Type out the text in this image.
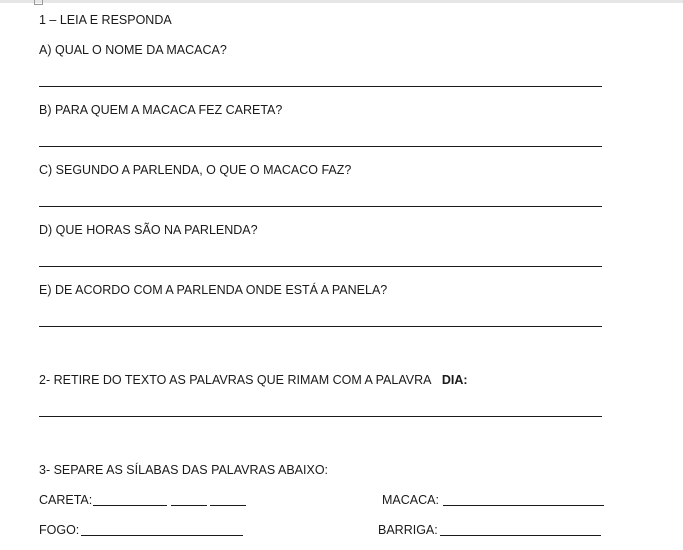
1 – LEIA E RESPONDA
A) QUAL O NOME DA MACACA?
B) PARA QUEM A MACACA FEZ CARETA?
C) SEGUNDO A PARLENDA, O QUE O MACACO FAZ?
D) QUE HORAS SÃO NA PARLENDA?
E) DE ACORDO COM A PARLENDA ONDE ESTÁ A PANELA?
2- RETIRE DO TEXTO AS PALAVRAS QUE RIMAM COM A PALAVRA DIA:
3- SEPARE AS SÍLABAS DAS PALAVRAS ABAIXO:
CARETA:	MACACA:
FOGO:	BARRIGA:
